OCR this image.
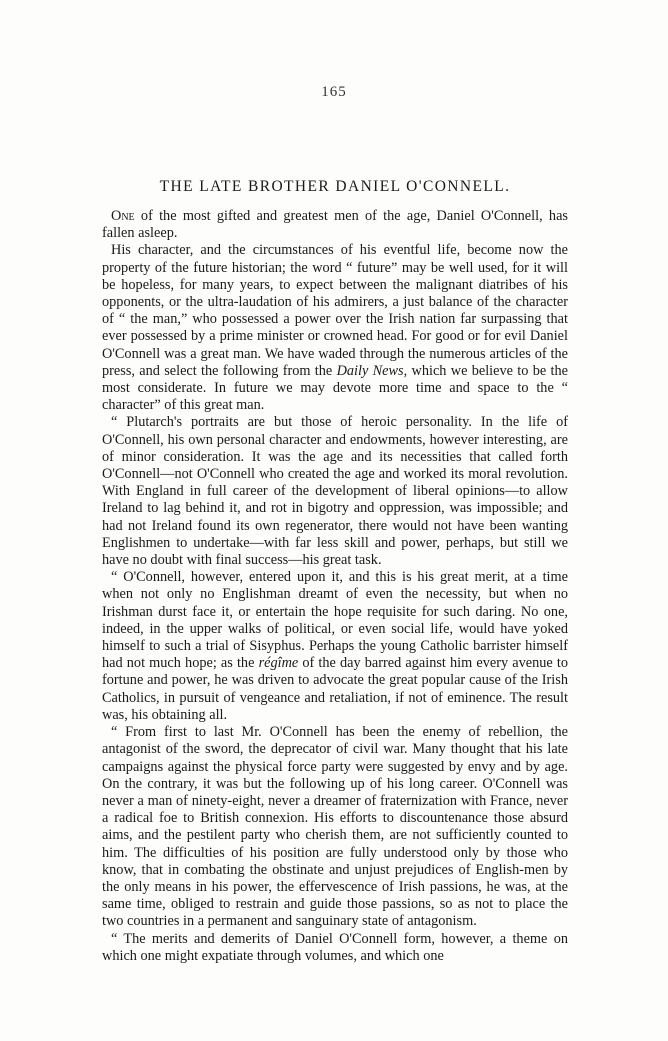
165
THE LATE BROTHER DANIEL O'CONNELL.

One of the most gifted and greatest men of the age, Daniel O'Connell, has fallen asleep.

His character, and the circumstances of his eventful life, become now the property of the future historian; the word “ future” may be well used, for it will be hopeless, for many years, to expect between the malignant diatribes of his opponents, or the ultra-laudation of his admirers, a just balance of the character of “ the man,” who possessed a power over the Irish nation far surpassing that ever possessed by a prime minister or crowned head. For good or for evil Daniel O'Connell was a great man. We have waded through the numerous articles of the press, and select the following from the Daily News, which we believe to be the most considerate. In future we may devote more time and space to the “ character” of this great man.

“ Plutarch's portraits are but those of heroic personality. In the life of O'Connell, his own personal character and endowments, however interesting, are of minor consideration. It was the age and its necessities that called forth O'Connell—not O'Connell who created the age and worked its moral revolution. With England in full career of the development of liberal opinions—to allow Ireland to lag behind it, and rot in bigotry and oppression, was impossible; and had not Ireland found its own regenerator, there would not have been wanting Englishmen to undertake—with far less skill and power, perhaps, but still we have no doubt with final success—his great task.

“ O'Connell, however, entered upon it, and this is his great merit, at a time when not only no Englishman dreamt of even the necessity, but when no Irishman durst face it, or entertain the hope requisite for such daring. No one, indeed, in the upper walks of political, or even social life, would have yoked himself to such a trial of Sisyphus. Perhaps the young Catholic barrister himself had not much hope; as the régîme of the day barred against him every avenue to fortune and power, he was driven to advocate the great popular cause of the Irish Catholics, in pursuit of vengeance and retaliation, if not of eminence. The result was, his obtaining all.

“ From first to last Mr. O'Connell has been the enemy of rebellion, the antagonist of the sword, the deprecator of civil war. Many thought that his late campaigns against the physical force party were suggested by envy and by age. On the contrary, it was but the following up of his long career. O'Connell was never a man of ninety-eight, never a dreamer of fraternization with France, never a radical foe to British connexion. His efforts to discountenance those absurd aims, and the pestilent party who cherish them, are not sufficiently counted to him. The difficulties of his position are fully understood only by those who know, that in combating the obstinate and unjust prejudices of English-men by the only means in his power, the effervescence of Irish passions, he was, at the same time, obliged to restrain and guide those passions, so as not to place the two countries in a permanent and sanguinary state of antagonism.

“ The merits and demerits of Daniel O'Connell form, however, a theme on which one might expatiate through volumes, and which one
